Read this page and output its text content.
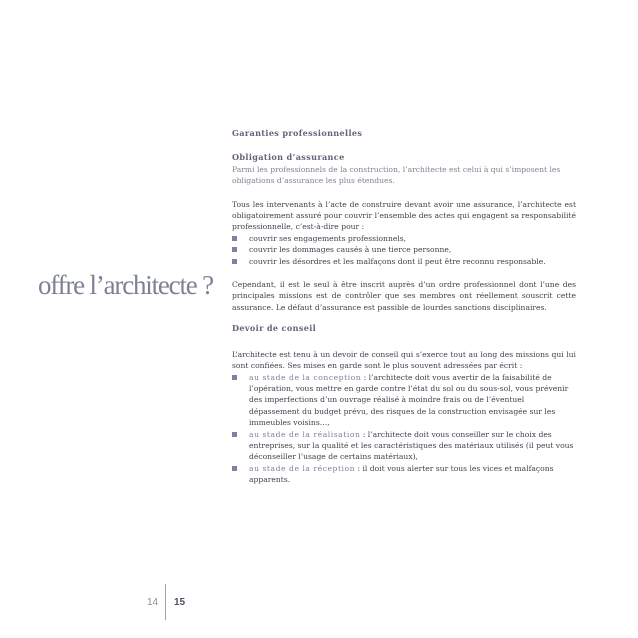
offre l’architecte ?
Garanties professionnelles
Obligation d’assurance

Parmi les professionnels de la construction, l’architecte est celui à qui s’imposent les obligations d’assurance les plus étendues.

Tous les intervenants à l’acte de construire devant avoir une assurance, l’architecte est obligatoirement assuré pour couvrir l’ensemble des actes qui engagent sa responsabilité professionnelle, c’est-à-dire pour :

couvrir ses engagements professionnels,
couvrir les dommages causés à une tierce personne,
couvrir les désordres et les malfaçons dont il peut être reconnu responsable.

Cependant, il est le seul à être inscrit auprès d’un ordre professionnel dont l’une des principales missions est de contrôler que ses membres ont réellement souscrit cette assurance. Le défaut d’assurance est passible de lourdes sanctions disciplinaires.

Devoir de conseil

L’architecte est tenu à un devoir de conseil qui s’exerce tout au long des missions qui lui sont confiées. Ses mises en garde sont le plus souvent adressées par écrit :

au stade de la conception : l’architecte doit vous avertir de la faisabilité de l’opération, vous mettre en garde contre l’état du sol ou du sous-sol, vous prévenir des imperfections d’un ouvrage réalisé à moindre frais ou de l’éventuel dépassement du budget prévu, des risques de la construction envisagée sur les immeubles voisins…,
au stade de la réalisation : l’architecte doit vous conseiller sur le choix des entreprises, sur la qualité et les caractéristiques des matériaux utilisés (il peut vous déconseiller l’usage de certains matériaux),
au stade de la réception : il doit vous alerter sur tous les vices et malfaçons apparents.
14 15
